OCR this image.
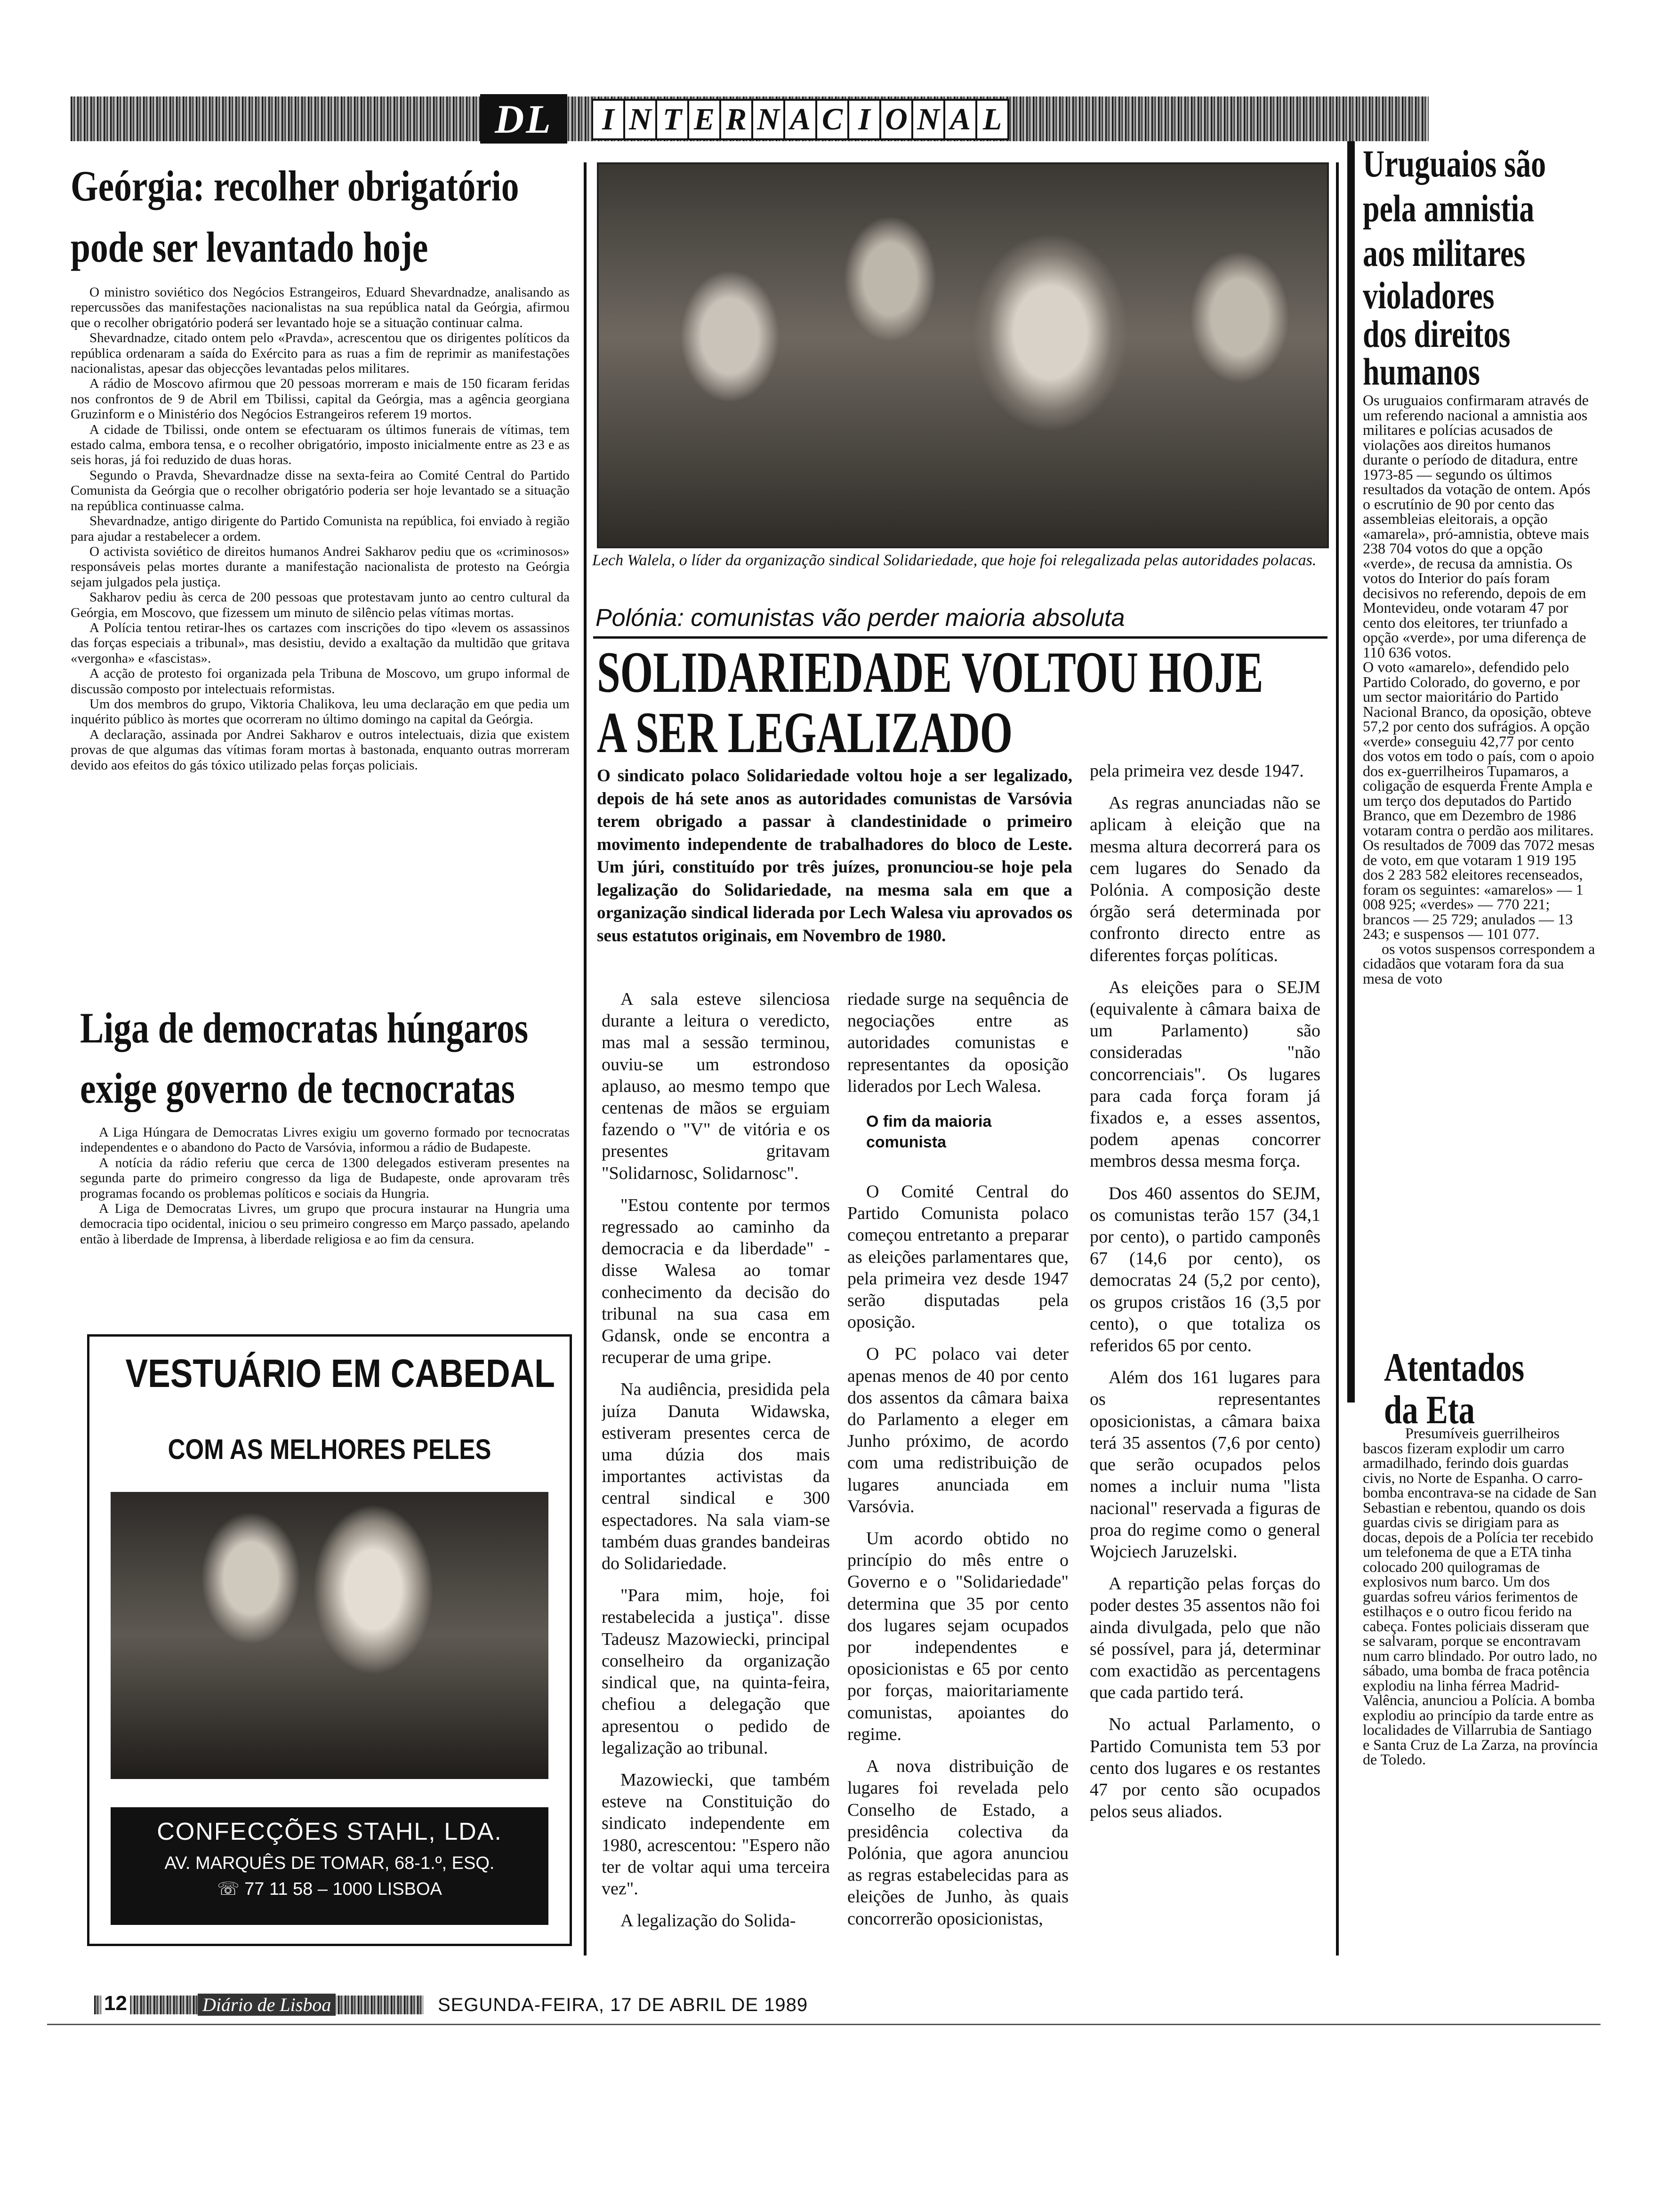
DL	I N T E R N A C I O N A L
Geórgia: recolher obrigatório
pode ser levantado hoje

O ministro soviético dos Negócios Estrangeiros, Eduard Shevardnadze, analisando as repercussões das manifestações nacionalistas na sua república natal da Geórgia, afirmou que o recolher obrigatório poderá ser levantado hoje se a situação continuar calma.

Shevardnadze, citado ontem pelo «Pravda», acrescentou que os dirigentes políticos da república ordenaram a saída do Exército para as ruas a fim de reprimir as manifestações nacionalistas, apesar das objecções levantadas pelos militares.

A rádio de Moscovo afirmou que 20 pessoas morreram e mais de 150 ficaram feridas nos confrontos de 9 de Abril em Tbilissi, capital da Geórgia, mas a agência georgiana Gruzinform e o Ministério dos Negócios Estrangeiros referem 19 mortos.

A cidade de Tbilissi, onde ontem se efectuaram os últimos funerais de vítimas, tem estado calma, embora tensa, e o recolher obrigatório, imposto inicialmente entre as 23 e as seis horas, já foi reduzido de duas horas.

Segundo o Pravda, Shevardnadze disse na sexta-feira ao Comité Central do Partido Comunista da Geórgia que o recolher obrigatório poderia ser hoje levantado se a situação na república continuasse calma.

Shevardnadze, antigo dirigente do Partido Comunista na república, foi enviado à região para ajudar a restabelecer a ordem.

O activista soviético de direitos humanos Andrei Sakharov pediu que os «criminosos» responsáveis pelas mortes durante a manifestação nacionalista de protesto na Geórgia sejam julgados pela justiça.

Sakharov pediu às cerca de 200 pessoas que protestavam junto ao centro cultural da Geórgia, em Moscovo, que fizessem um minuto de silêncio pelas vítimas mortas.

A Polícia tentou retirar-lhes os cartazes com inscrições do tipo «levem os assassinos das forças especiais a tribunal», mas desistiu, devido a exaltação da multidão que gritava «vergonha» e «fascistas».

A acção de protesto foi organizada pela Tribuna de Moscovo, um grupo informal de discussão composto por intelectuais reformistas.

Um dos membros do grupo, Viktoria Chalikova, leu uma declaração em que pedia um inquérito público às mortes que ocorreram no último domingo na capital da Geórgia.

A declaração, assinada por Andrei Sakharov e outros intelectuais, dizia que existem provas de que algumas das vítimas foram mortas à bastonada, enquanto outras morreram devido aos efeitos do gás tóxico utilizado pelas forças policiais.

Liga de democratas húngaros
exige governo de tecnocratas

A Liga Húngara de Democratas Livres exigiu um governo formado por tecnocratas independentes e o abandono do Pacto de Varsóvia, informou a rádio de Budapeste.

A notícia da rádio referiu que cerca de 1300 delegados estiveram presentes na segunda parte do primeiro congresso da liga de Budapeste, onde aprovaram três programas focando os problemas políticos e sociais da Hungria.

A Liga de Democratas Livres, um grupo que procura instaurar na Hungria uma democracia tipo ocidental, iniciou o seu primeiro congresso em Março passado, apelando então à liberdade de Imprensa, à liberdade religiosa e ao fim da censura.

VESTUÁRIO EM CABEDAL
COM AS MELHORES PELES
CONFECÇÕES STAHL, LDA.
AV. MARQUÊS DE TOMAR, 68-1.º, ESQ.
☏ 77 11 58 – 1000 LISBOA
Lech Walela, o líder da organização sindical Solidariedade, que hoje foi relegalizada pelas autoridades polacas.
Polónia: comunistas vão perder maioria absoluta
SOLIDARIEDADE VOLTOU HOJE
A SER LEGALIZADO
O sindicato polaco Solidariedade voltou hoje a ser legalizado, depois de há sete anos as autoridades comunistas de Varsóvia terem obrigado a passar à clandestinidade o primeiro movimento independente de trabalhadores do bloco de Leste. Um júri, constituído por três juízes, pronunciou-se hoje pela legalização do Solidariedade, na mesma sala em que a organização sindical liderada por Lech Walesa viu aprovados os seus estatutos originais, em Novembro de 1980.

A sala esteve silenciosa durante a leitura o veredicto, mas mal a sessão terminou, ouviu-se um estrondoso aplauso, ao mesmo tempo que centenas de mãos se erguiam fazendo o "V" de vitória e os presentes gritavam "Solidarnosc, Solidarnosc".

"Estou contente por termos regressado ao caminho da democracia e da liberdade" - disse Walesa ao tomar conhecimento da decisão do tribunal na sua casa em Gdansk, onde se encontra a recuperar de uma gripe.

Na audiência, presidida pela juíza Danuta Widawska, estiveram presentes cerca de uma dúzia dos mais importantes activistas da central sindical e 300 espectadores. Na sala viam-se também duas grandes bandeiras do Solidariedade.

"Para mim, hoje, foi restabelecida a justiça". disse Tadeusz Mazowiecki, principal conselheiro da organização sindical que, na quinta-feira, chefiou a delegação que apresentou o pedido de legalização ao tribunal.

Mazowiecki, que também esteve na Constituição do sindicato independente em 1980, acrescentou: "Espero não ter de voltar aqui uma terceira vez".

A legalização do Solida-

riedade surge na sequência de negociações entre as autoridades comunistas e representantes da oposição liderados por Lech Walesa.

O fim da maioria comunista

O Comité Central do Partido Comunista polaco começou entretanto a preparar as eleições parlamentares que, pela primeira vez desde 1947 serão disputadas pela oposição.

O PC polaco vai deter apenas menos de 40 por cento dos assentos da câmara baixa do Parlamento a eleger em Junho próximo, de acordo com uma redistribuição de lugares anunciada em Varsóvia.

Um acordo obtido no princípio do mês entre o Governo e o "Solidariedade" determina que 35 por cento dos lugares sejam ocupados por independentes e oposicionistas e 65 por cento por forças, maioritariamente comunistas, apoiantes do regime.

A nova distribuição de lugares foi revelada pelo Conselho de Estado, a presidência colectiva da Polónia, que agora anunciou as regras estabelecidas para as eleições de Junho, às quais concorrerão oposicionistas,

pela primeira vez desde 1947.

As regras anunciadas não se aplicam à eleição que na mesma altura decorrerá para os cem lugares do Senado da Polónia. A composição deste órgão será determinada por confronto directo entre as diferentes forças políticas.

As eleições para o SEJM (equivalente à câmara baixa de um Parlamento) são consideradas "não concorrenciais". Os lugares para cada força foram já fixados e, a esses assentos, podem apenas concorrer membros dessa mesma força.

Dos 460 assentos do SEJM, os comunistas terão 157 (34,1 por cento), o partido camponês 67 (14,6 por cento), os democratas 24 (5,2 por cento), os grupos cristãos 16 (3,5 por cento), o que totaliza os referidos 65 por cento.

Além dos 161 lugares para os representantes oposicionistas, a câmara baixa terá 35 assentos (7,6 por cento) que serão ocupados pelos nomes a incluir numa "lista nacional" reservada a figuras de proa do regime como o general Wojciech Jaruzelski.

A repartição pelas forças do poder destes 35 assentos não foi ainda divulgada, pelo que não sé possível, para já, determinar com exactidão as percentagens que cada partido terá.

No actual Parlamento, o Partido Comunista tem 53 por cento dos lugares e os restantes 47 por cento são ocupados pelos seus aliados.

Uruguaios são
pela amnistia
aos militares
violadores
dos direitos
humanos

Os uruguaios confirmaram através de um referendo nacional a amnistia aos militares e polícias acusados de violações aos direitos humanos durante o período de ditadura, entre 1973-85 — segundo os últimos resultados da votação de ontem. Após o escrutínio de 90 por cento das assembleias eleitorais, a opção «amarela», pró-amnistia, obteve mais 238 704 votos do que a opção «verde», de recusa da amnistia. Os votos do Interior do país foram decisivos no referendo, depois de em Montevideu, onde votaram 47 por cento dos eleitores, ter triunfado a opção «verde», por uma diferença de 110 636 votos.

O voto «amarelo», defendido pelo Partido Colorado, do governo, e por um sector maioritário do Partido Nacional Branco, da oposição, obteve 57,2 por cento dos sufrágios. A opção «verde» conseguiu 42,77 por cento dos votos em todo o país, com o apoio dos ex-guerrilheiros Tupamaros, a coligação de esquerda Frente Ampla e um terço dos deputados do Partido Branco, que em Dezembro de 1986 votaram contra o perdão aos militares. Os resultados de 7009 das 7072 mesas de voto, em que votaram 1 919 195 dos 2 283 582 eleitores recenseados, foram os seguintes: «amarelos» — 1 008 925; «verdes» — 770 221; brancos — 25 729; anulados — 13 243; e suspensos — 101 077.

os votos suspensos correspondem a cidadãos que votaram fora da sua mesa de voto

Atentados
da Eta

Presumíveis guerrilheiros bascos fizeram explodir um carro armadilhado, ferindo dois guardas civis, no Norte de Espanha. O carro-bomba encontrava-se na cidade de San Sebastian e rebentou, quando os dois guardas civis se dirigiam para as docas, depois de a Polícia ter recebido um telefonema de que a ETA tinha colocado 200 quilogramas de explosivos num barco. Um dos guardas sofreu vários ferimentos de estilhaços e o outro ficou ferido na cabeça. Fontes policiais disseram que se salvaram, porque se encontravam num carro blindado. Por outro lado, no sábado, uma bomba de fraca potência explodiu na linha férrea Madrid-Valência, anunciou a Polícia. A bomba explodiu ao princípio da tarde entre as localidades de Villarrubia de Santiago e Santa Cruz de La Zarza, na província de Toledo.

12	Diário de Lisboa	SEGUNDA-FEIRA, 17 DE ABRIL DE 1989
